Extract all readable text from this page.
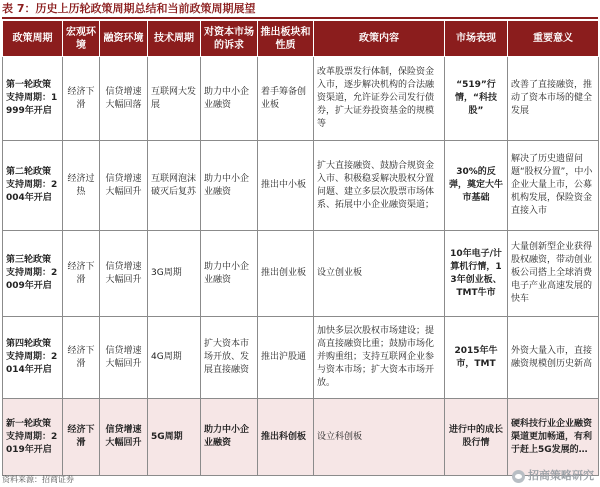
表 7：历史上历轮政策周期总结和当前政策周期展望
政策周期	宏观环境	融资环境	技术周期	对资本市场的诉求	推出板块和性质	政策内容	市场表现	重要意义
第一轮政策支持周期：1999年开启	经济下滑	信贷增速大幅回落	互联网大发展	助力中小企业融资	着手筹备创业板	改革股票发行体制，保险资金入市，逐步解决机构的合法融资渠道，允许证券公司发行债券，扩大证券投资基金的规模等	“519”行情，“科技股”	改善了直接融资，推动了资本市场的健全发展
第二轮政策支持周期：2004年开启	经济过热	信贷增速大幅回升	互联网泡沫破灭后复苏	助力中小企业融资	推出中小板	扩大直接融资、鼓励合规资金入市、积极稳妥解决股权分置问题、建立多层次股票市场体系、拓展中小企业融资渠道；	30%的反弹，奠定大牛市基础	解决了历史遗留问题“股权分置”，中小企业大量上市，公募机构发展，保险资金直接入市
第三轮政策支持周期：2009年开启	经济下滑	信贷增速大幅回升	3G周期	助力中小企业融资	推出创业板	设立创业板	10年电子/计算机行情，13年创业板、TMT牛市	大量创新型企业获得股权融资，带动创业板公司搭上全球消费电子产业高速发展的快车
第四轮政策支持周期：2014年开启	经济下滑	信贷增速大幅回升	4G周期	扩大资本市场开放、发展直接融资	推出沪股通	加快多层次股权市场建设；提高直接融资比重；鼓励市场化并购重组；支持互联网企业参与资本市场；扩大资本市场开放。	2015年牛市，TMT	外资大量入市，直接融资规模创历史新高
新一轮政策支持周期：2019年开启	经济下滑	信贷增速大幅回升	5G周期	助力中小企业融资	推出科创板	设立科创板	进行中的成长股行情	硬科技行业企业融资渠道更加畅通，有利于赶上5G发展的…
资料来源：招商证券	招商策略研究
